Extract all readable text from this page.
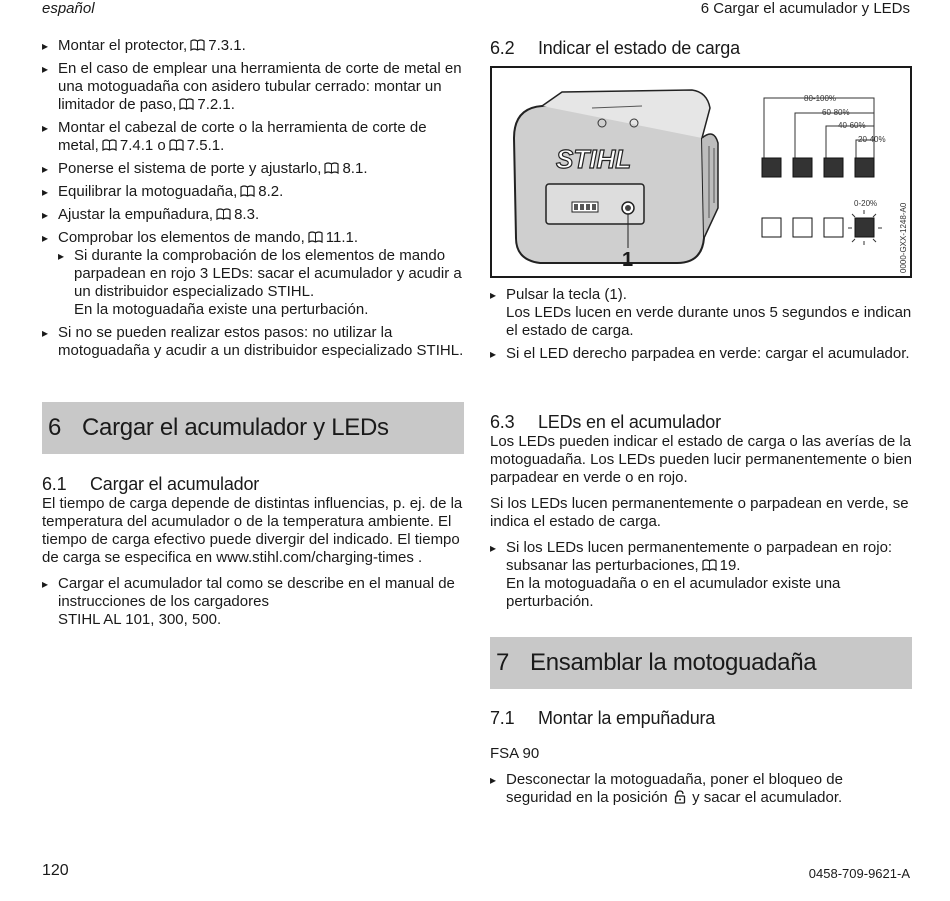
español	6 Cargar el acumulador y LEDs
▸ Montar el protector, 7.3.1.
▸ En el caso de emplear una herramienta de corte de metal en una motoguadaña con asidero tubular cerrado: montar un limitador de paso, 7.2.1.
▸ Montar el cabezal de corte o la herramienta de corte de metal, 7.4.1 o 7.5.1.
▸ Ponerse el sistema de porte y ajustarlo, 8.1.
▸ Equilibrar la motoguadaña, 8.2.
▸ Ajustar la empuñadura, 8.3.
▸ Comprobar los elementos de mando, 11.1.
▸ Si durante la comprobación de los elementos de mando parpadean en rojo 3 LEDs: sacar el acumulador y acudir a un distribuidor especializado STIHL.
En la motoguadaña existe una perturbación.
▸ Si no se pueden realizar estos pasos: no utilizar la motoguadaña y acudir a un distribuidor especializado STIHL.
6 Cargar el acumulador y LEDs
6.1 Cargar el acumulador

El tiempo de carga depende de distintas influencias, p. ej. de la temperatura del acumulador o de la temperatura ambiente. El tiempo de carga efectivo puede divergir del indicado. El tiempo de carga se especifica en www.stihl.com/charging-times .

▸ Cargar el acumulador tal como se describe en el manual de instrucciones de los cargadores
STIHL AL 101, 300, 500.
6.2 Indicar el estado de carga
STIHL
1
80-100%
60-80%
40-60%
20-40%
0-20%	0000-GXX-1248-A0
▸ Pulsar la tecla (1).
Los LEDs lucen en verde durante unos 5 segundos e indican el estado de carga.
▸ Si el LED derecho parpadea en verde: cargar el acumulador.
6.3 LEDs en el acumulador

Los LEDs pueden indicar el estado de carga o las averías de la motoguadaña. Los LEDs pueden lucir permanentemente o bien parpadear en verde o en rojo.

Si los LEDs lucen permanentemente o parpadean en verde, se indica el estado de carga.

▸ Si los LEDs lucen permanentemente o parpadean en rojo: subsanar las perturbaciones, 19.
En la motoguadaña o en el acumulador existe una perturbación.
7 Ensamblar la motoguadaña
7.1 Montar la empuñadura

FSA 90

▸ Desconectar la motoguadaña, poner el bloqueo de seguridad en la posición y sacar el acumulador.
120	0458-709-9621-A
